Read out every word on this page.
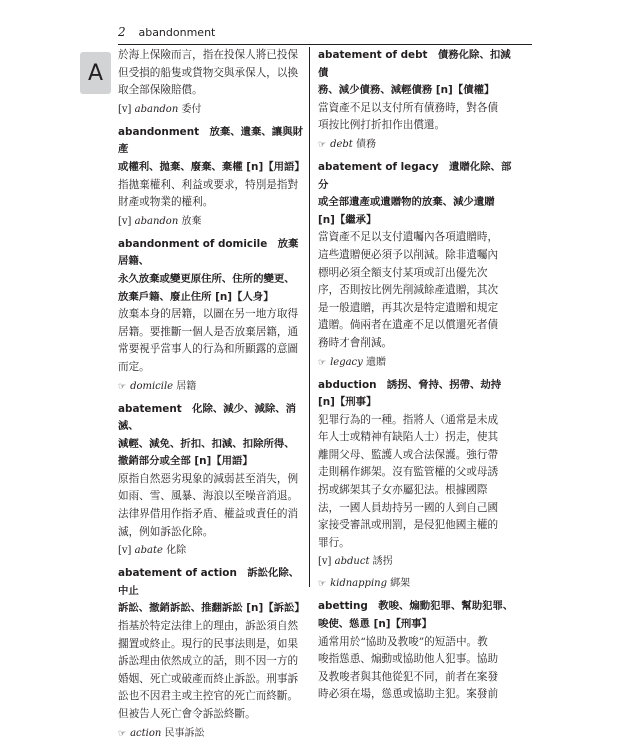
2 abandonment
A
於海上保險而言，指在投保人將已投保
但受損的船隻或貨物交與承保人，以換
取全部保險賠償。
[v] abandon 委付
abandonment　放棄、遺棄、讓與財產
或權利、拋棄、廢棄、棄權 [n]【用語】
指拋棄權利、利益或要求，特別是指對
財產或物業的權利。
[v] abandon 放棄
abandonment of domicile　放棄居籍、
永久放棄或變更原住所、住所的變更、
放棄戶籍、廢止住所 [n]【人身】
放棄本身的居籍，以圖在另一地方取得
居籍。要推斷一個人是否放棄居籍，通
常要視乎當事人的行為和所顯露的意圖
而定。
☞ domicile 居籍
abatement　化除、減少、減除、消滅、
減輕、減免、折扣、扣減、扣除所得、
撤銷部分或全部 [n]【用語】
原指自然惡劣現象的減弱甚至消失，例
如雨、雪、風暴、海浪以至噪音消退。
法律界借用作指矛盾、權益或責任的消
滅，例如訴訟化除。
[v] abate 化除
abatement of action　訴訟化除、中止
訴訟、撤銷訴訟、推翻訴訟 [n]【訴訟】
指基於特定法律上的理由，訴訟須自然
擱置或終止。現行的民事法則是，如果
訴訟理由依然成立的話，則不因一方的
婚姻、死亡或破產而終止訴訟。刑事訴
訟也不因君主或主控官的死亡而終斷。
但被告人死亡會令訴訟終斷。
☞ action 民事訴訟
abatement of debt　債務化除、扣減債
務、減少債務、減輕債務 [n]【債權】
當資產不足以支付所有債務時，對各債
項按比例打折扣作出償還。
☞ debt 債務
abatement of legacy　遺贈化除、部分
或全部遺產或遺贈物的放棄、減少遺贈
[n]【繼承】
當資產不足以支付遺囑內各項遺贈時，
這些遺贈便必須予以削減。除非遺囑內
標明必須全額支付某項或訂出優先次
序，否則按比例先削減餘產遺贈，其次
是一般遺贈，再其次是特定遺贈和規定
遺贈。倘兩者在遺產不足以償還死者債
務時才會削減。
☞ legacy 遺贈
abduction　誘拐、脅持、拐帶、劫持
[n]【刑事】
犯罪行為的一種。指將人（通常是未成
年人士或精神有缺陷人士）拐走，使其
離開父母、監護人或合法保護。強行帶
走則稱作綁架。沒有監管權的父或母誘
拐或綁架其子女亦屬犯法。根據國際
法，一國人員劫持另一國的人到自己國
家接受審訊或刑罰，是侵犯他國主權的
罪行。
[v] abduct 誘拐
☞ kidnapping 綁架
abetting　教唆、煽動犯罪、幫助犯罪、
唆使、慫恿 [n]【刑事】
通常用於“協助及教唆”的短語中。教
唆指慫恿、煽動或協助他人犯事。協助
及教唆者與其他從犯不同，前者在案發
時必須在場，慫恿或協助主犯。案發前
